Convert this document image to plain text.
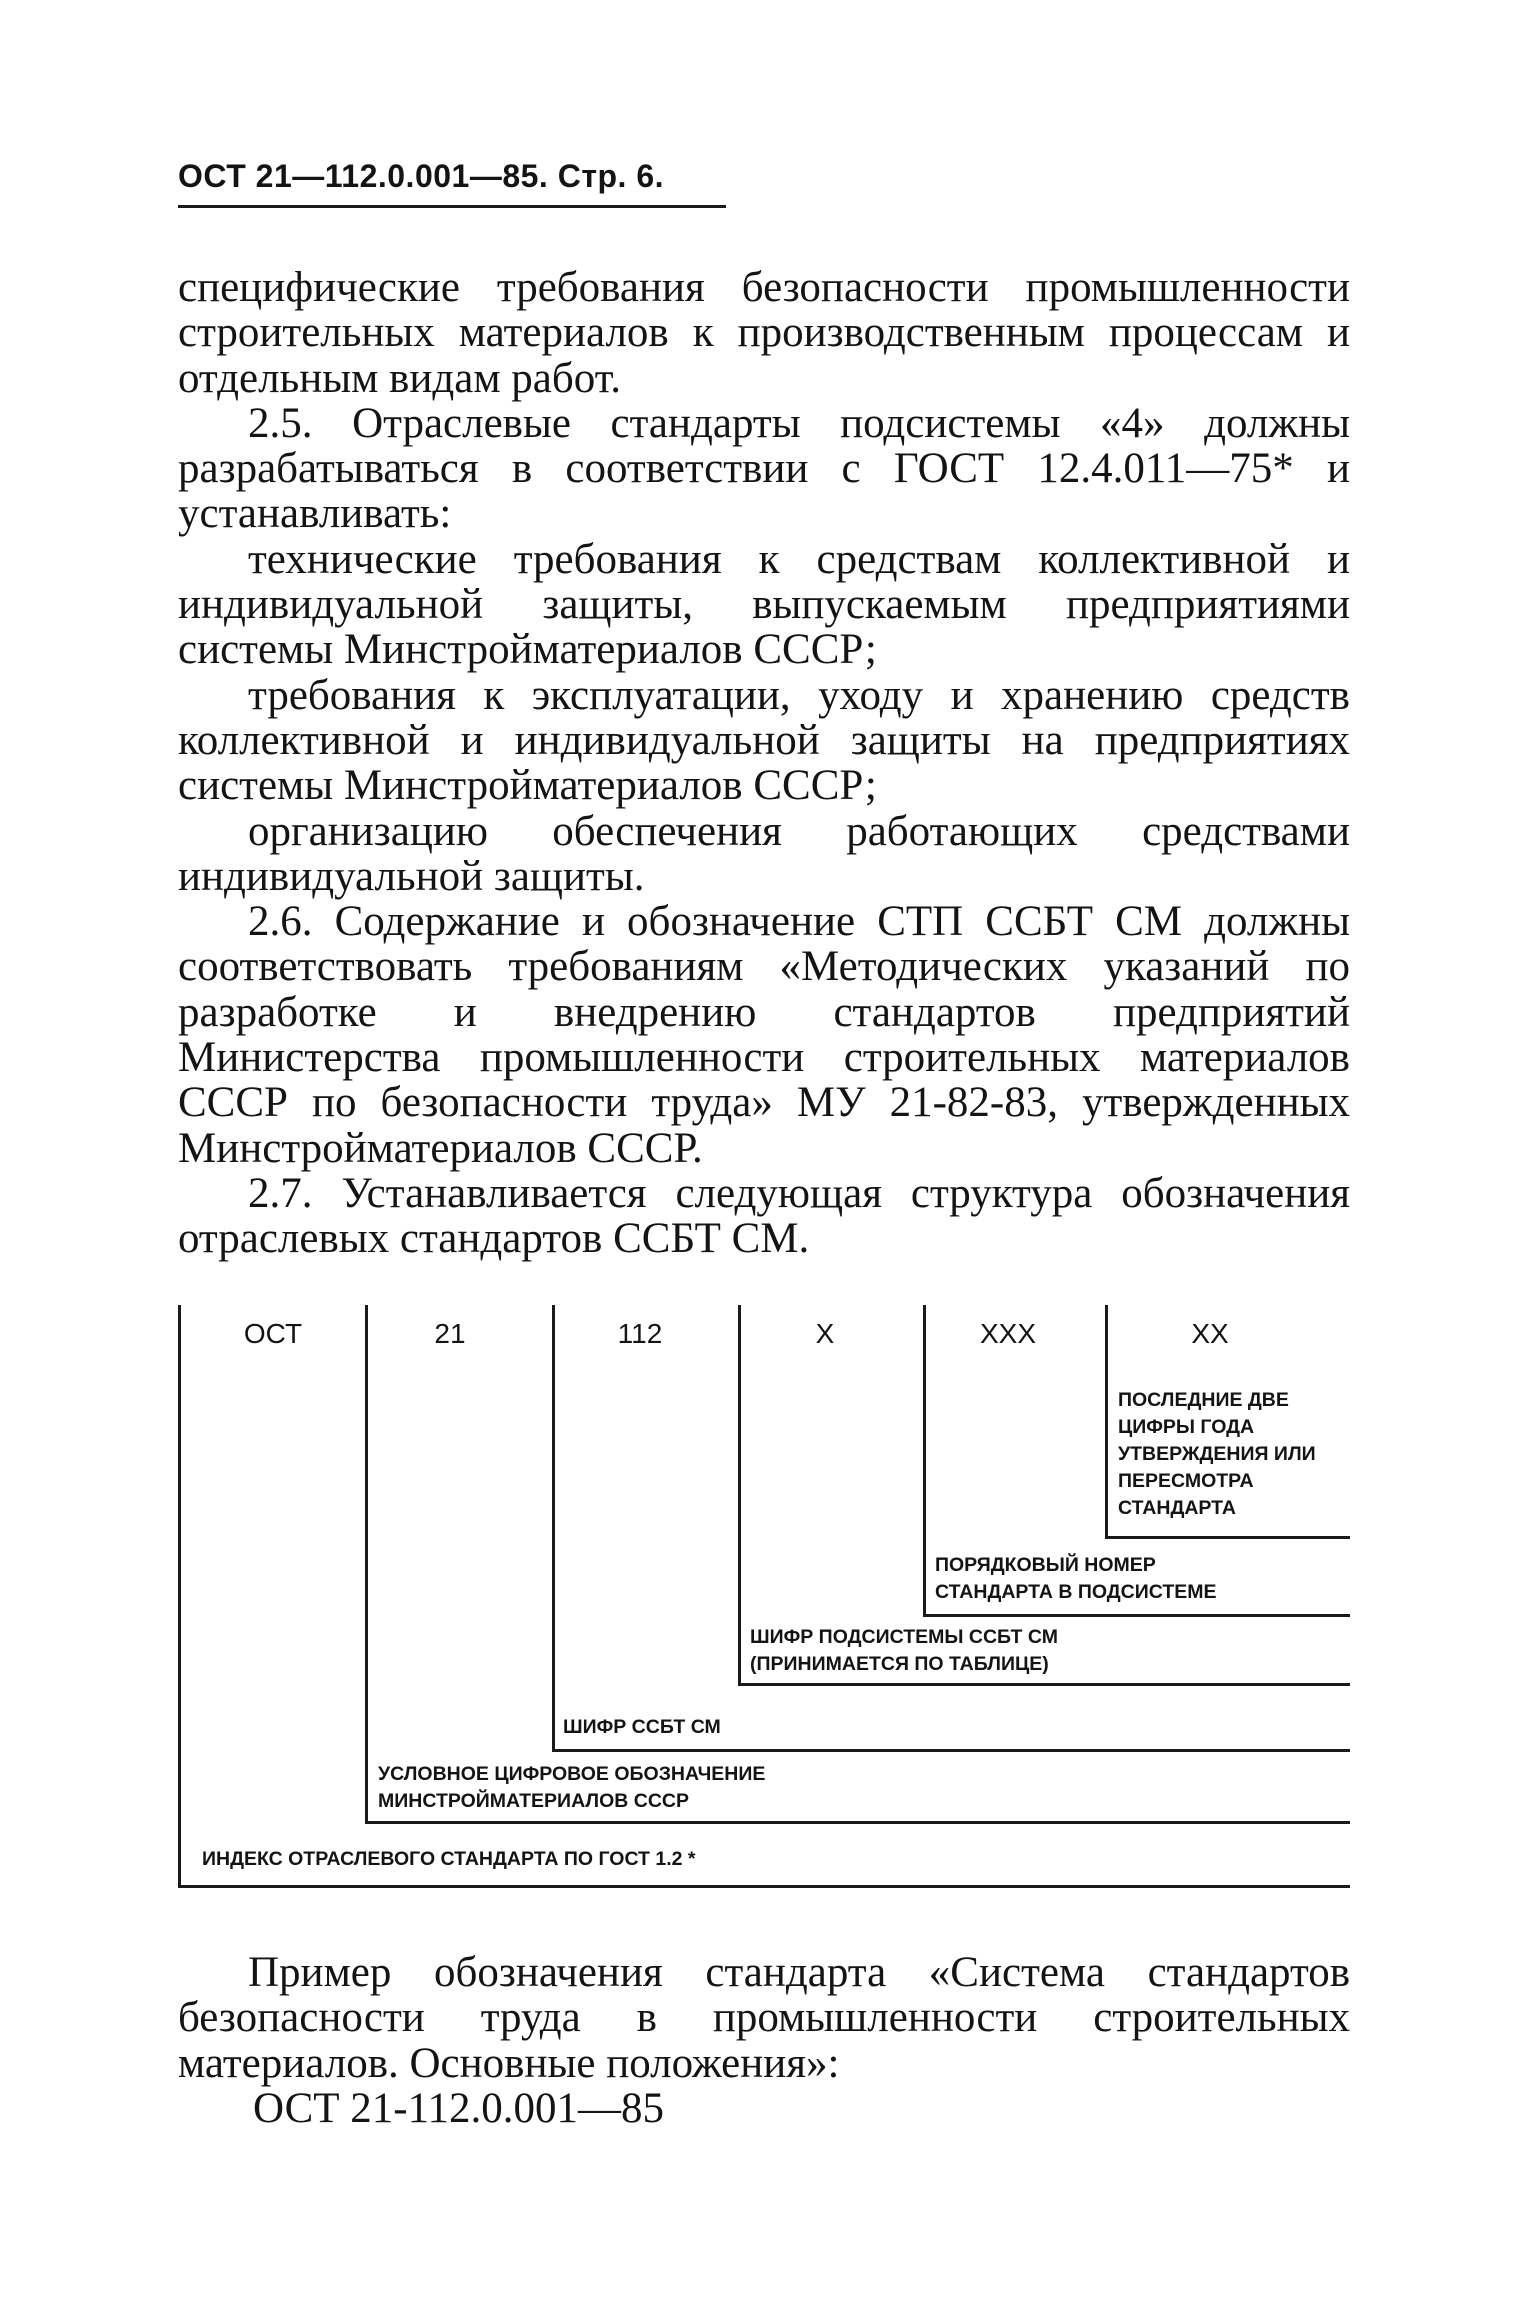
ОСТ 21—112.0.001—85. Стр. 6.

специфические требования безопасности промышленности строительных материалов к производственным процессам и отдельным видам работ.

2.5. Отраслевые стандарты подсистемы «4» должны разрабатываться в соответствии с ГОСТ 12.4.011—75* и устанавливать:

технические требования к средствам коллективной и индивидуальной защиты, выпускаемым предприятиями системы Минстройматериалов СССР;

требования к эксплуатации, уходу и хранению средств коллективной и индивидуальной защиты на предприятиях системы Минстройматериалов СССР;

организацию обеспечения работающих средствами индивидуальной защиты.

2.6. Содержание и обозначение СТП ССБТ СМ должны соответствовать требованиям «Методических указаний по разработке и внедрению стандартов предприятий Министерства промышленности строительных материалов СССР по безопасности труда» МУ 21-82-83, утвержденных Минстройматериалов СССР.

2.7. Устанавливается следующая структура обозначения отраслевых стандартов ССБТ СМ.

ОСТ	21	112	Х	ХХХ	ХХ
ПОСЛЕДНИЕ ДВЕ
ЦИФРЫ ГОДА
УТВЕРЖДЕНИЯ ИЛИ
ПЕРЕСМОТРА
СТАНДАРТА
ПОРЯДКОВЫЙ НОМЕР
СТАНДАРТА В ПОДСИСТЕМЕ
ШИФР ПОДСИСТЕМЫ ССБТ СМ
(ПРИНИМАЕТСЯ ПО ТАБЛИЦЕ)
ШИФР ССБТ СМ
УСЛОВНОЕ ЦИФРОВОЕ ОБОЗНАЧЕНИЕ
МИНСТРОЙМАТЕРИАЛОВ СССР
ИНДЕКС ОТРАСЛЕВОГО СТАНДАРТА ПО ГОСТ 1.2 *

Пример обозначения стандарта «Система стандартов безопасности труда в промышленности строительных материалов. Основные положения»:

ОСТ 21-112.0.001—85
